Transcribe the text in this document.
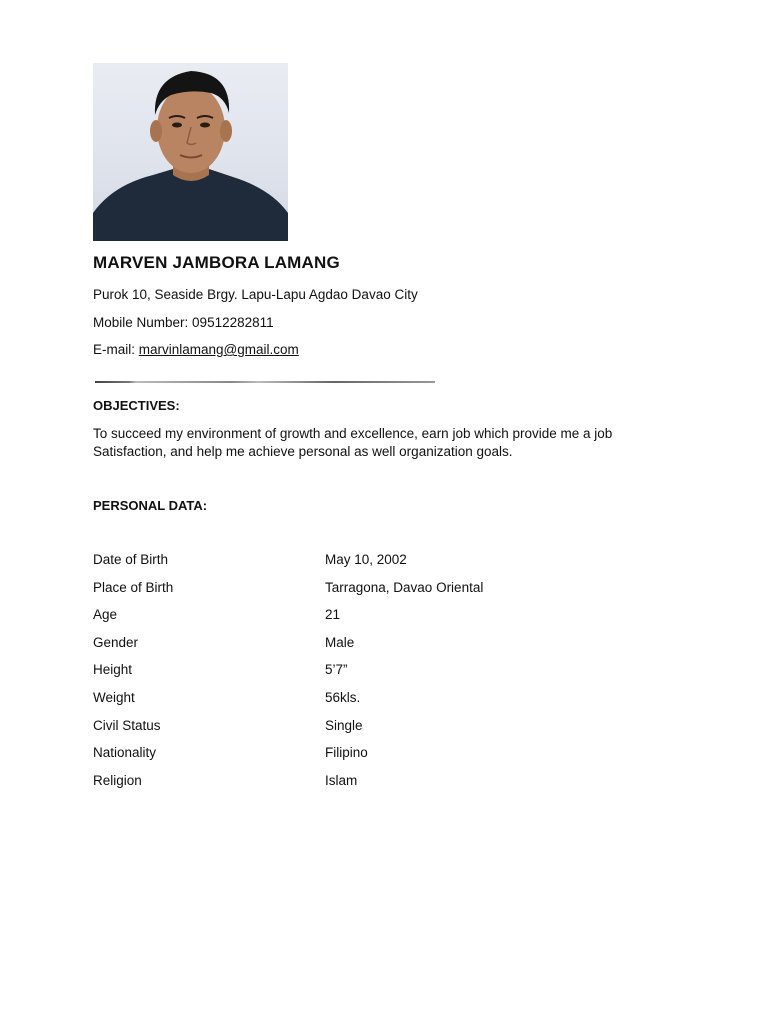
MARVEN JAMBORA LAMANG
Purok 10, Seaside Brgy. Lapu-Lapu Agdao Davao City
Mobile Number: 09512282811
E-mail: marvinlamang@gmail.com
OBJECTIVES:
To succeed my environment of growth and excellence, earn job which provide me a job Satisfaction, and help me achieve personal as well organization goals.
PERSONAL DATA:
Date of Birth	May 10, 2002
Place of Birth	Tarragona, Davao Oriental
Age	21
Gender	Male
Height	5’7”
Weight	56kls.
Civil Status	Single
Nationality	Filipino
Religion	Islam
